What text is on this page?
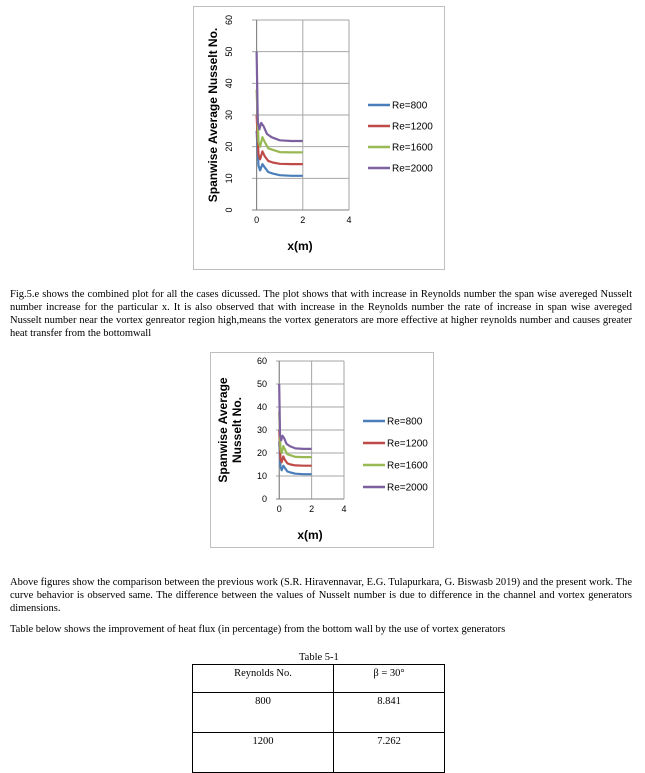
0
10
20
30
40
50
60
0	2	4
Re=800
Re=1200
Re=1600
Re=2000
x(m)
Spanwise Average Nusselt No.

Fig.5.e shows the combined plot for all the cases dicussed. The plot shows that with increase in Reynolds number the span wise avereged Nusselt number increase for the particular x. It is also observed that with increase in the Reynolds number the rate of increase in span wise avereged Nusselt number near the vortex genreator region high,means the vortex generators are more effective at higher reynolds number and causes greater heat transfer from the bottomwall

0
10
20
30
40
50
60
0	2	4
Re=800
Re=1200
Re=1600
Re=2000
x(m)
Spanwise Average Nusselt No.

Above figures show the comparison between the previous work (S.R. Hiravennavar, E.G. Tulapurkara, G. Biswasb 2019) and the present work. The curve behavior is observed same. The difference between the values of Nusselt number is due to difference in the channel and vortex generators dimensions.

Table below shows the improvement of heat flux (in percentage) from the bottom wall by the use of vortex generators

Table 5-1
Reynolds No.	β = 30°
800	8.841
1200	7.262
